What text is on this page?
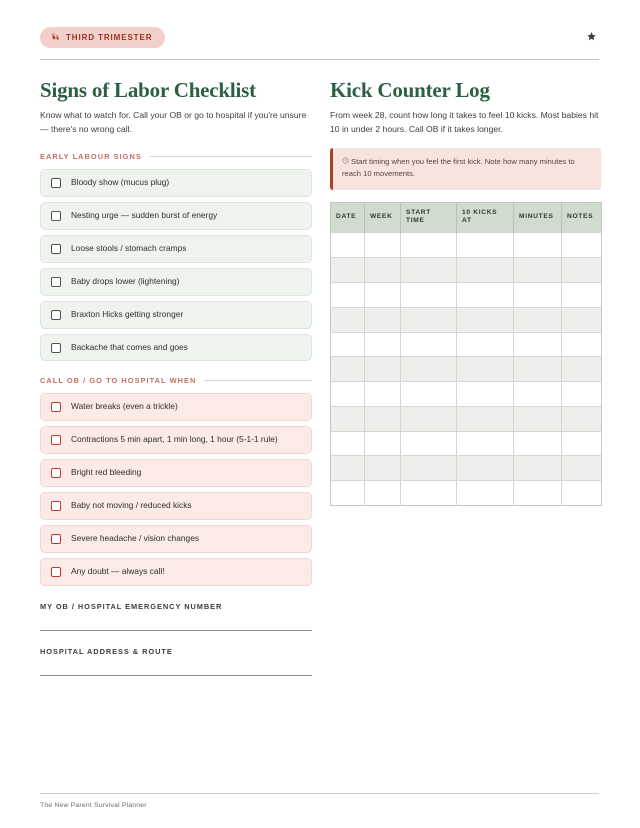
THIRD TRIMESTER
Signs of Labor Checklist

Know what to watch for. Call your OB or go to hospital if you're unsure — there's no wrong call.

EARLY LABOUR SIGNS
Bloody show (mucus plug)
Nesting urge — sudden burst of energy
Loose stools / stomach cramps
Baby drops lower (lightening)
Braxton Hicks getting stronger
Backache that comes and goes
CALL OB / GO TO HOSPITAL WHEN
Water breaks (even a trickle)
Contractions 5 min apart, 1 min long, 1 hour (5-1-1 rule)
Bright red bleeding
Baby not moving / reduced kicks
Severe headache / vision changes
Any doubt — always call!
MY OB / HOSPITAL EMERGENCY NUMBER
HOSPITAL ADDRESS & ROUTE
Kick Counter Log

From week 28, count how long it takes to feel 10 kicks. Most babies hit 10 in under 2 hours. Call OB if it takes longer.

Start timing when you feel the first kick. Note how many minutes to reach 10 movements.
DATE	WEEK	START TIME	10 KICKS AT	MINUTES	NOTES

The New Parent Survival Planner
